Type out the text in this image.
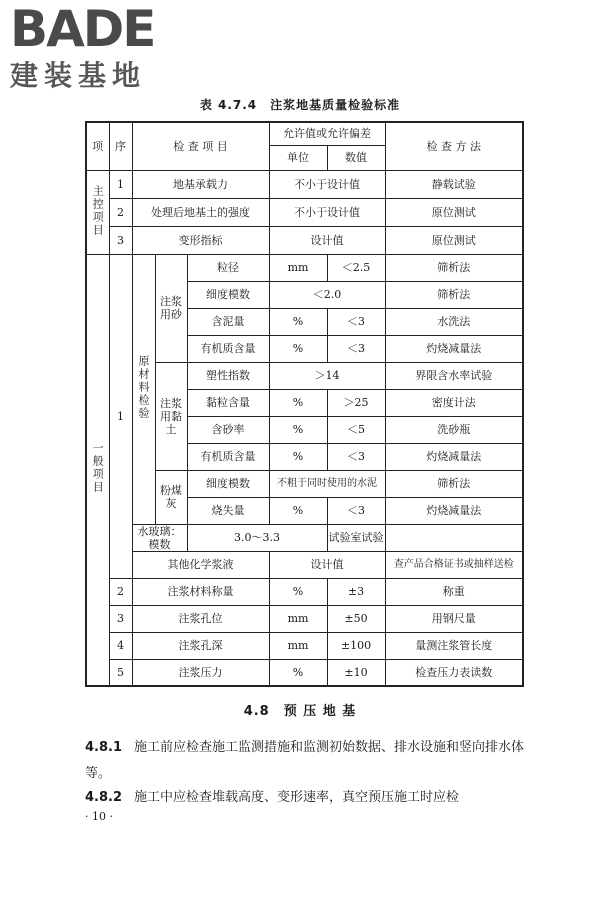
BADE
建装基地
表 4.7.4　注浆地基质量检验标准
项	序	检 查 项 目			允许值或允许偏差		检 查 方 法
					单位	数值	
主控项目	1	地基承载力			不小于设计值		静载试验
	2	处理后地基土的强度			不小于设计值		原位测试
	3	变形指标			设计值		原位测试
一般项目	1	原材料检验	注浆用砂	粒径	mm	＜2.5	筛析法
				细度模数	＜2.0		筛析法
				含泥量	%	＜3	水洗法
				有机质含量	%	＜3	灼烧减量法
			注浆用黏土	塑性指数	＞14		界限含水率试验
				黏粒含量	%	＞25	密度计法
				含砂率	%	＜5	洗砂瓶
				有机质含量	%	＜3	灼烧减量法
			粉煤灰	细度模数	不粗于同时使用的水泥		筛析法
				烧失量	%	＜3	灼烧减量法
		水玻璃：模数		3.0～3.3		试验室试验	
		其他化学浆液			设计值		查产品合格证书或抽样送检
	2	注浆材料称量			%	±3	称重
	3	注浆孔位			mm	±50	用钢尺量
	4	注浆孔深			mm	±100	量测注浆管长度
	5	注浆压力			%	±10	检查压力表读数
4.8　预 压 地 基
4.8.1 施工前应检查施工监测措施和监测初始数据、排水设施和竖向排水体等。
4.8.2 施工中应检查堆载高度、变形速率，真空预压施工时应检
· 10 ·
